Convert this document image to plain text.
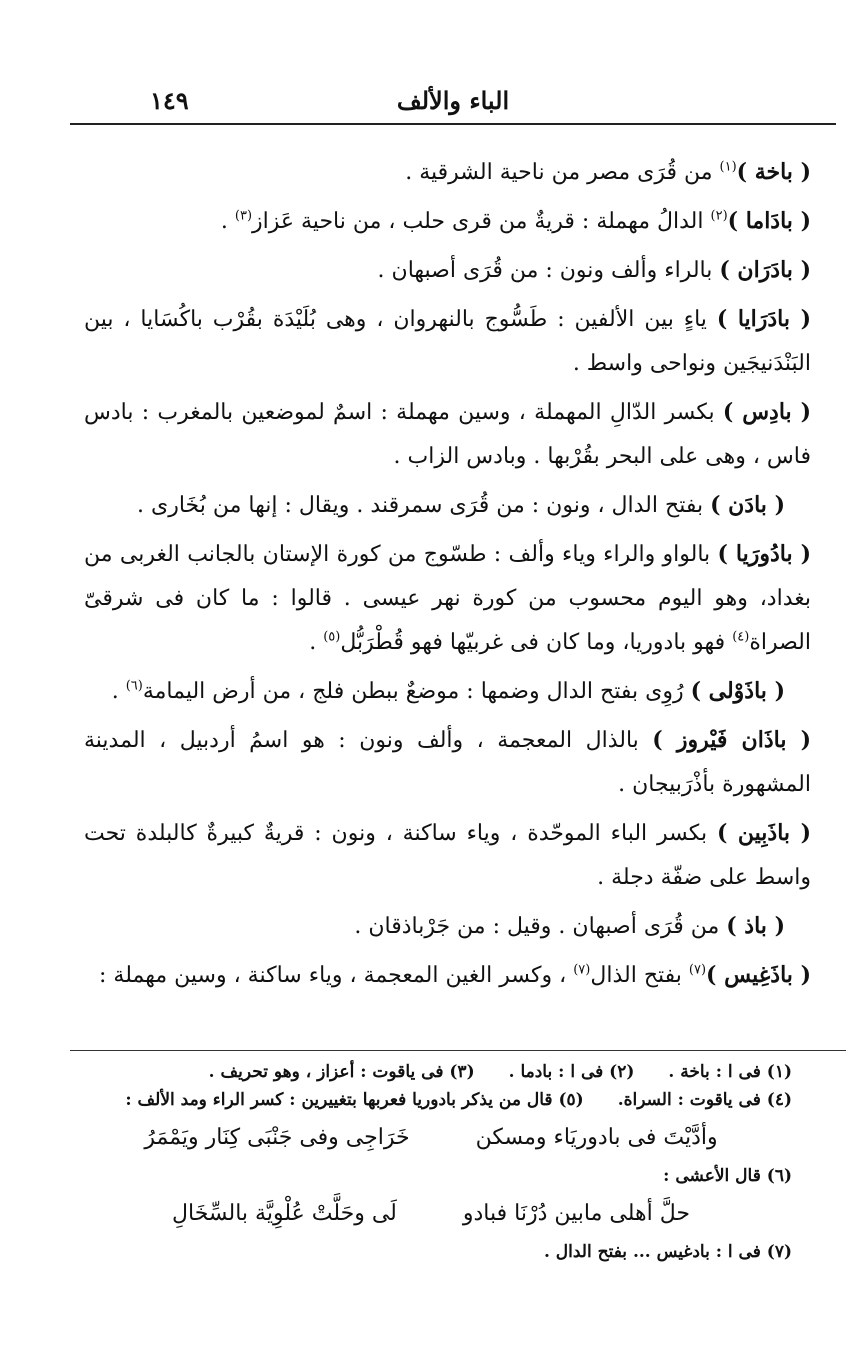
١٤٩	الباء والألف

( باخة )$^{(١)}$ من قُرَى مصر من ناحية الشرقية .

( بادَاما )$^{(٢)}$ الدالُ مهملة : قريةٌ من قرى حلب ، من ناحية عَزاز$^{(٣)}$ .

( بادَرَان ) بالراء وألف ونون : من قُرَى أصبهان .

( بادَرَايا ) ياءٍ بين الألفين : طَسُّوج بالنهروان ، وهى بُلَيْدَة بقُرْب باكُسَايا ، بين البَنْدَنيجَين ونواحى واسط .

( بادِس ) بكسر الدّالِ المهملة ، وسين مهملة : اسمٌ لموضعين بالمغرب : بادس فاس ، وهى على البحر بقُرْبها . وبادس الزاب .

( بادَن ) بفتح الدال ، ونون : من قُرَى سمرقند . ويقال : إنها من بُخَارى .

( بادُورَيا ) بالواو والراء وياء وألف : طسّوج من كورة الإستان بالجانب الغربى من بغداد، وهو اليوم محسوب من كورة نهر عيسى . قالوا : ما كان فى شرقىّ الصراة$^{(٤)}$ فهو بادوريا، وما كان فى غربيّها فهو قُطْرَبُّل$^{(٥)}$ .

( باذَوْلى ) رُوِى بفتح الدال وضمها : موضعٌ ببطن فلج ، من أرض اليمامة$^{(٦)}$ .

( باذَان فَيْروز ) بالذال المعجمة ، وألف ونون : هو اسمُ أردبيل ، المدينة المشهورة بأذْرَبيجان .

( باذَبِين ) بكسر الباء الموحّدة ، وياء ساكنة ، ونون : قريةٌ كبيرةٌ كالبلدة تحت واسط على ضفّة دجلة .

( باذ ) من قُرَى أصبهان . وقيل : من جَرْباذقان .

( باذَغِيس )$^{(٧)}$ بفتح الذال$^{(٧)}$ ، وكسر الغين المعجمة ، وياء ساكنة ، وسين مهملة :

(١) فى ا : باخة .(٢) فى ا : بادما .(٣) فى ياقوت : أعزاز ، وهو تحريف .
(٤) فى ياقوت : السراة.(٥) قال من يذكر بادوريا فعربها بتغييرين : كسر الراء ومد الألف :
وأدَّيْتَ فى بادوريَاء ومسكن
خَرَاجِى وفى جَنْبَى كِنَار ويَمْمَرُ
(٦) قال الأعشى :
حلَّ أهلى مابين دُرْنَا فبادو
لَى وحَلَّتْ عُلْوِيَّة بالسِّخَالِ
(٧) فى ا : بادغيس ... بفتح الدال .
